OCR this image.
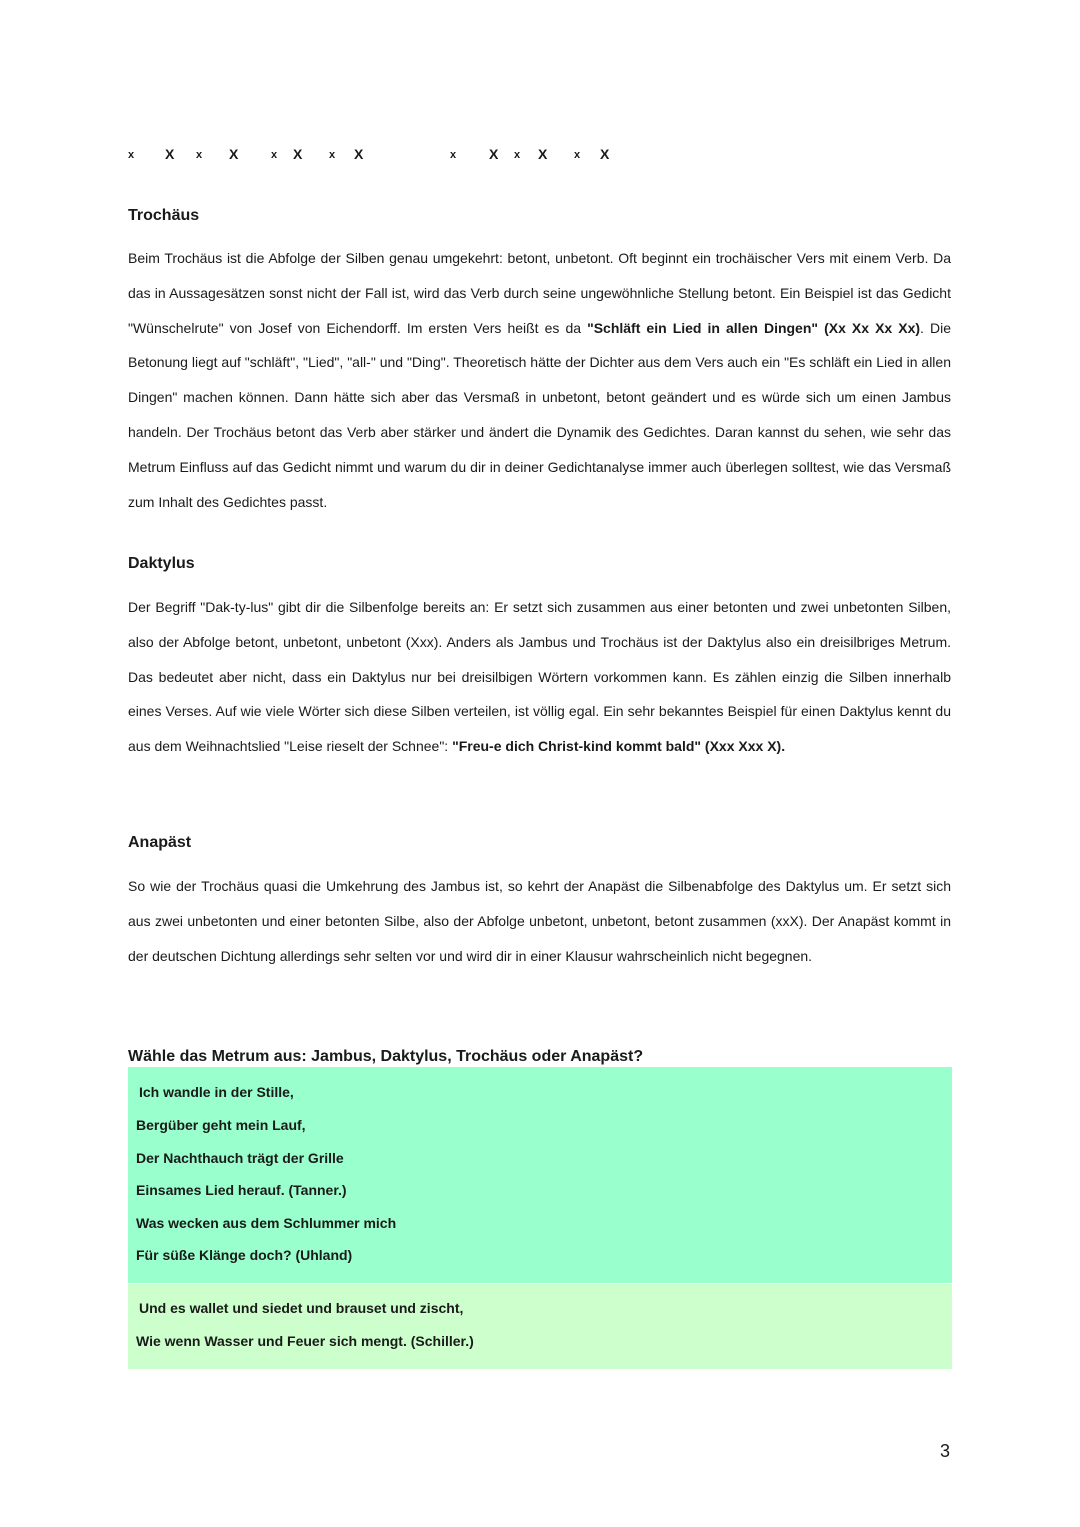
x X x X	x X x X	x X x X x X
Trochäus

Beim Trochäus ist die Abfolge der Silben genau umgekehrt: betont, unbetont. Oft beginnt ein trochäischer Vers mit einem Verb. Da das in Aussagesätzen sonst nicht der Fall ist, wird das Verb durch seine ungewöhnliche Stellung betont. Ein Beispiel ist das Gedicht "Wünschelrute" von Josef von Eichendorff. Im ersten Vers heißt es da "Schläft ein Lied in allen Dingen" (Xx Xx Xx Xx). Die Betonung liegt auf "schläft", "Lied", "all-" und "Ding". Theoretisch hätte der Dichter aus dem Vers auch ein "Es schläft ein Lied in allen Dingen" machen können. Dann hätte sich aber das Versmaß in unbetont, betont geändert und es würde sich um einen Jambus handeln. Der Trochäus betont das Verb aber stärker und ändert die Dynamik des Gedichtes. Daran kannst du sehen, wie sehr das Metrum Einfluss auf das Gedicht nimmt und warum du dir in deiner Gedichtanalyse immer auch überlegen solltest, wie das Versmaß zum Inhalt des Gedichtes passt.

Daktylus

Der Begriff "Dak-ty-lus" gibt dir die Silbenfolge bereits an: Er setzt sich zusammen aus einer betonten und zwei unbetonten Silben, also der Abfolge betont, unbetont, unbetont (Xxx). Anders als Jambus und Trochäus ist der Daktylus also ein dreisilbriges Metrum. Das bedeutet aber nicht, dass ein Daktylus nur bei dreisilbigen Wörtern vorkommen kann. Es zählen einzig die Silben innerhalb eines Verses. Auf wie viele Wörter sich diese Silben verteilen, ist völlig egal. Ein sehr bekanntes Beispiel für einen Daktylus kennt du aus dem Weihnachtslied "Leise rieselt der Schnee": "Freu-e dich Christ-kind kommt bald" (Xxx Xxx X).

Anapäst

So wie der Trochäus quasi die Umkehrung des Jambus ist, so kehrt der Anapäst die Silbenabfolge des Daktylus um. Er setzt sich aus zwei unbetonten und einer betonten Silbe, also der Abfolge unbetont, unbetont, betont zusammen (xxX). Der Anapäst kommt in der deutschen Dichtung allerdings sehr selten vor und wird dir in einer Klausur wahrscheinlich nicht begegnen.

Wähle das Metrum aus: Jambus, Daktylus, Trochäus oder Anapäst?

Ich wandle in der Stille,

Bergüber geht mein Lauf,

Der Nachthauch trägt der Grille

Einsames Lied herauf. (Tanner.)

Was wecken aus dem Schlummer mich

Für süße Klänge doch? (Uhland)

Und es wallet und siedet und brauset und zischt,

Wie wenn Wasser und Feuer sich mengt. (Schiller.)

3
